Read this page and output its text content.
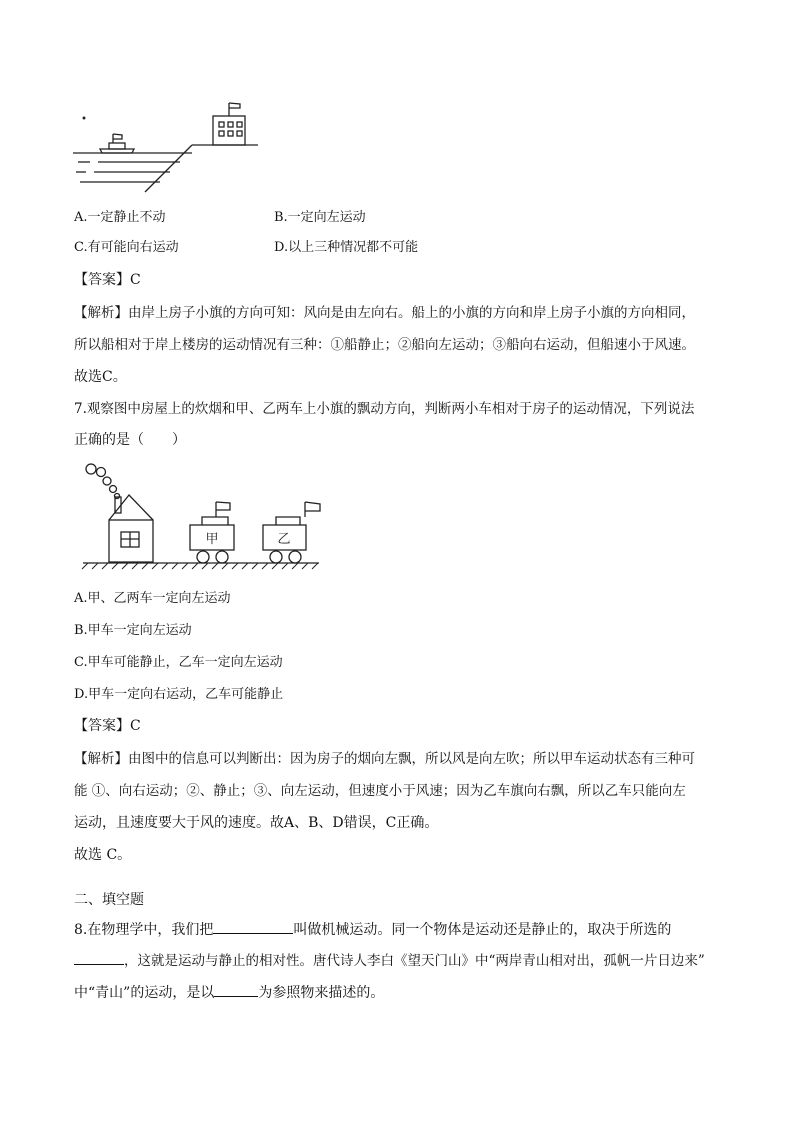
A.一定静止不动	B.一定向左运动
C.有可能向右运动	D.以上三种情况都不可能
【答案】C
【解析】由岸上房子小旗的方向可知：风向是由左向右。船上的小旗的方向和岸上房子小旗的方向相同，
所以船相对于岸上楼房的运动情况有三种：①船静止；②船向左运动；③船向右运动，但船速小于风速。
故选C。
7.观察图中房屋上的炊烟和甲、乙两车上小旗的飘动方向，判断两小车相对于房子的运动情况，下列说法
正确的是（　　）
甲	乙
A.甲、乙两车一定向左运动
B.甲车一定向左运动
C.甲车可能静止，乙车一定向左运动
D.甲车一定向右运动，乙车可能静止
【答案】C
【解析】由图中的信息可以判断出：因为房子的烟向左飘，所以风是向左吹；所以甲车运动状态有三种可
能 ①、向右运动；②、静止；③、向左运动，但速度小于风速；因为乙车旗向右飘，所以乙车只能向左
运动，且速度要大于风的速度。故A、B、D错误，C正确。
故选 C。
二、填空题
8.在物理学中，我们把	叫做机械运动。同一个物体是运动还是静止的，取决于所选的
，这就是运动与静止的相对性。唐代诗人李白《望天门山》中“两岸青山相对出，孤帆一片日边来”
中“青山”的运动，是以	为参照物来描述的。
